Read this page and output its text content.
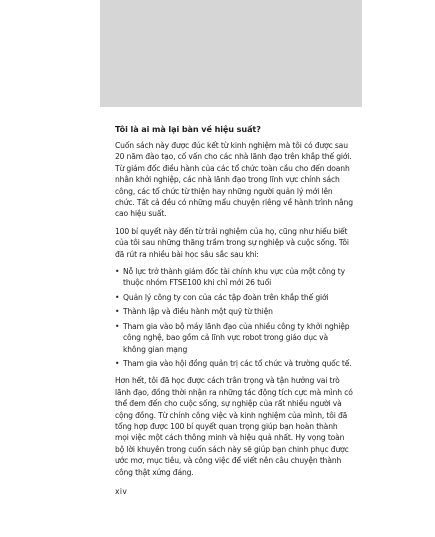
Tôi là ai mà lại bàn về hiệu suất?

Cuốn sách này được đúc kết từ kinh nghiệm mà tôi có được sau 20 năm đào tạo, cố vấn cho các nhà lãnh đạo trên khắp thế giới. Từ giám đốc điều hành của các tổ chức toàn cầu cho đến doanh nhân khởi nghiệp, các nhà lãnh đạo trong lĩnh vực chính sách công, các tổ chức từ thiện hay những người quản lý mới lên chức. Tất cả đều có những mẩu chuyện riêng về hành trình nâng cao hiệu suất.

100 bí quyết này đến từ trải nghiệm của họ, cũng như hiểu biết của tôi sau những thăng trầm trong sự nghiệp và cuộc sống. Tôi đã rút ra nhiều bài học sâu sắc sau khi:

• Nỗ lực trở thành giám đốc tài chính khu vực của một công ty thuộc nhóm FTSE100 khi chỉ mới 26 tuổi
• Quản lý công ty con của các tập đoàn trên khắp thế giới
• Thành lập và điều hành một quỹ từ thiện
• Tham gia vào bộ máy lãnh đạo của nhiều công ty khởi nghiệp công nghệ, bao gồm cả lĩnh vực robot trong giáo dục và không gian mạng
• Tham gia vào hội đồng quản trị các tổ chức và trường quốc tế.

Hơn hết, tôi đã học được cách trân trọng và tận hưởng vai trò lãnh đạo, đồng thời nhận ra những tác động tích cực mà mình có thể đem đến cho cuộc sống, sự nghiệp của rất nhiều người và cộng đồng. Từ chính công việc và kinh nghiệm của mình, tôi đã tổng hợp được 100 bí quyết quan trọng giúp bạn hoàn thành mọi việc một cách thông minh và hiệu quả nhất. Hy vọng toàn bộ lời khuyên trong cuốn sách này sẽ giúp bạn chinh phục được ước mơ, mục tiêu, và công việc để viết nên câu chuyện thành công thật xứng đáng.

xiv
